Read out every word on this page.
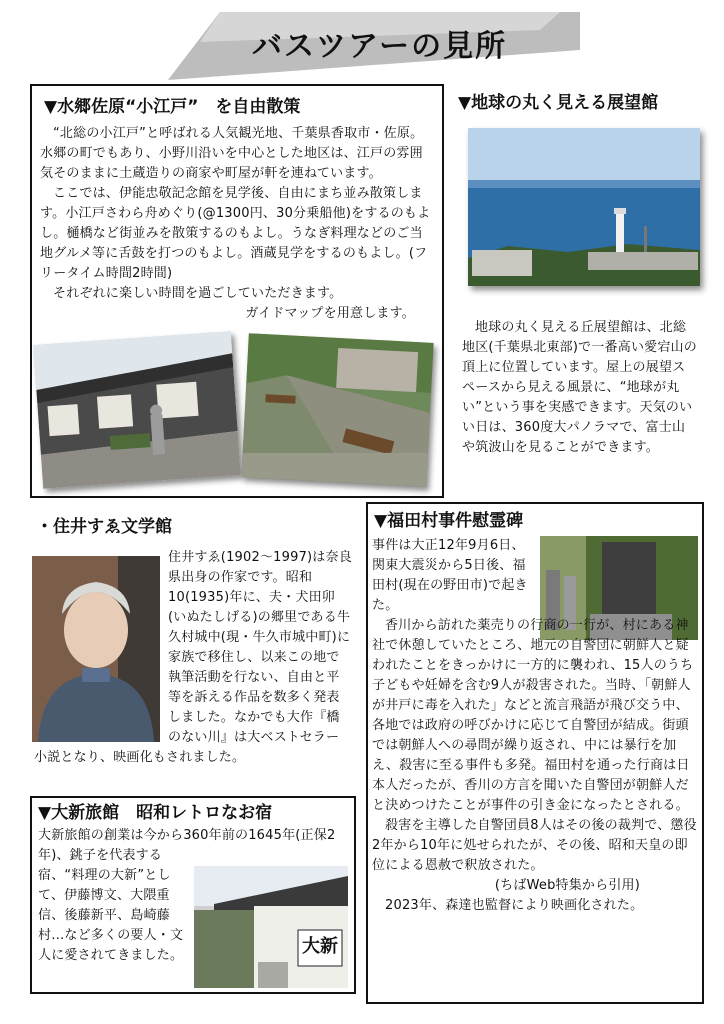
バスツアーの見所
▼水郷佐原“小江戸”　を自由散策

“北総の小江戸”と呼ばれる人気観光地、千葉県香取市・佐原。水郷の町でもあり、小野川沿いを中心とした地区は、江戸の雰囲気そのままに土蔵造りの商家や町屋が軒を連ねています。

ここでは、伊能忠敬記念館を見学後、自由にまち並み散策します。小江戸さわら舟めぐり(@1300円、30分乗船他)をするのもよし。樋橋など街並みを散策するのもよし。うなぎ料理などのご当地グルメ等に舌鼓を打つのもよし。酒蔵見学をするのもよし。(フリータイム時間2時間)

それぞれに楽しい時間を過ごしていただきます。

ガイドマップを用意します。

▼地球の丸く見える展望館

地球の丸く見える丘展望館は、北総地区(千葉県北東部)で一番高い愛宕山の頂上に位置しています。屋上の展望スペースから見える風景に、“地球が丸い”という事を実感できます。天気のいい日は、360度大パノラマで、富士山や筑波山を見ることができます。

・住井すゑ文学館

住井すゑ(1902～1997)は奈良県出身の作家です。昭和10(1935)年に、夫・犬田卯(いぬたしげる)の郷里である牛久村城中(現・牛久市城中町)に家族で移住し、以来この地で執筆活動を行ない、自由と平等を訴える作品を数多く発表しました。なかでも大作『橋のない川』は大ベストセラー小説となり、映画化もされました。

▼福田村事件慰霊碑

事件は大正12年9月6日、関東大震災から5日後、福田村(現在の野田市)で起きた。

香川から訪れた薬売りの行商の一行が、村にある神社で休憩していたところ、地元の自警団に朝鮮人と疑われたことをきっかけに一方的に襲われ、15人のうち子どもや妊婦を含む9人が殺害された。当時、「朝鮮人が井戸に毒を入れた」などと流言飛語が飛び交う中、各地では政府の呼びかけに応じて自警団が結成。街頭では朝鮮人への尋問が繰り返され、中には暴行を加え、殺害に至る事件も多発。福田村を通った行商は日本人だったが、香川の方言を聞いた自警団が朝鮮人だと決めつけたことが事件の引き金になったとされる。

殺害を主導した自警団員8人はその後の裁判で、懲役2年から10年に処せられたが、その後、昭和天皇の即位による恩赦で釈放された。

(ちばWeb特集から引用)

2023年、森達也監督により映画化された。

▼大新旅館　昭和レトロなお宿
大新

大新旅館の創業は今から360年前の1645年(正保2年)、銚子を代表する宿、“料理の大新”として、伊藤博文、大隈重信、後藤新平、島崎藤村…など多くの要人・文人に愛されてきました。
